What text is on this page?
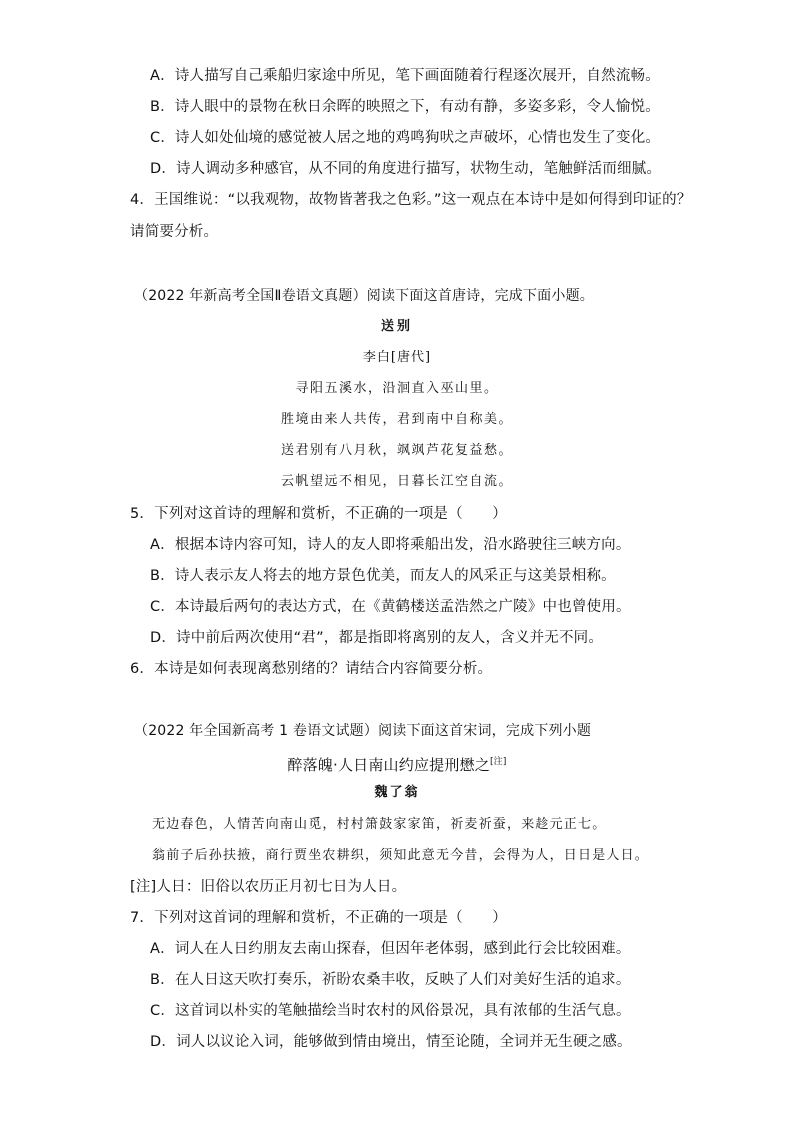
A．诗人描写自己乘船归家途中所见，笔下画面随着行程逐次展开，自然流畅。
B．诗人眼中的景物在秋日余晖的映照之下，有动有静，多姿多彩，令人愉悦。
C．诗人如处仙境的感觉被人居之地的鸡鸣狗吠之声破坏，心情也发生了变化。
D．诗人调动多种感官，从不同的角度进行描写，状物生动，笔触鲜活而细腻。
4．王国维说：“以我观物，故物皆著我之色彩。”这一观点在本诗中是如何得到印证的？
请简要分析。
（2022 年新高考全国Ⅱ卷语文真题）阅读下面这首唐诗，完成下面小题。
送别
李白[唐代]
寻阳五溪水，沿洄直入巫山里。
胜境由来人共传，君到南中自称美。
送君别有八月秋，飒飒芦花复益愁。
云帆望远不相见，日暮长江空自流。
5．下列对这首诗的理解和赏析，不正确的一项是（　　）
A．根据本诗内容可知，诗人的友人即将乘船出发，沿水路驶往三峡方向。
B．诗人表示友人将去的地方景色优美，而友人的风采正与这美景相称。
C．本诗最后两句的表达方式，在《黄鹤楼送孟浩然之广陵》中也曾使用。
D．诗中前后两次使用“君”，都是指即将离别的友人，含义并无不同。
6．本诗是如何表现离愁别绪的？请结合内容简要分析。
（2022 年全国新高考 1 卷语文试题）阅读下面这首宋词，完成下列小题
醉落魄·人日南山约应提刑懋之[注]
魏了翁
无边春色，人情苦向南山觅，村村箫鼓家家笛，祈麦祈蚕，来趁元正七。
翁前子后孙扶掖，商行贾坐农耕织，须知此意无今昔，会得为人，日日是人日。
[注]人日：旧俗以农历正月初七日为人日。
7．下列对这首词的理解和赏析，不正确的一项是（　　）
A．词人在人日约朋友去南山探春，但因年老体弱，感到此行会比较困难。
B．在人日这天吹打奏乐，祈盼农桑丰收，反映了人们对美好生活的追求。
C．这首词以朴实的笔触描绘当时农村的风俗景况，具有浓郁的生活气息。
D．词人以议论入词，能够做到情由境出，情至论随，全词并无生硬之感。
